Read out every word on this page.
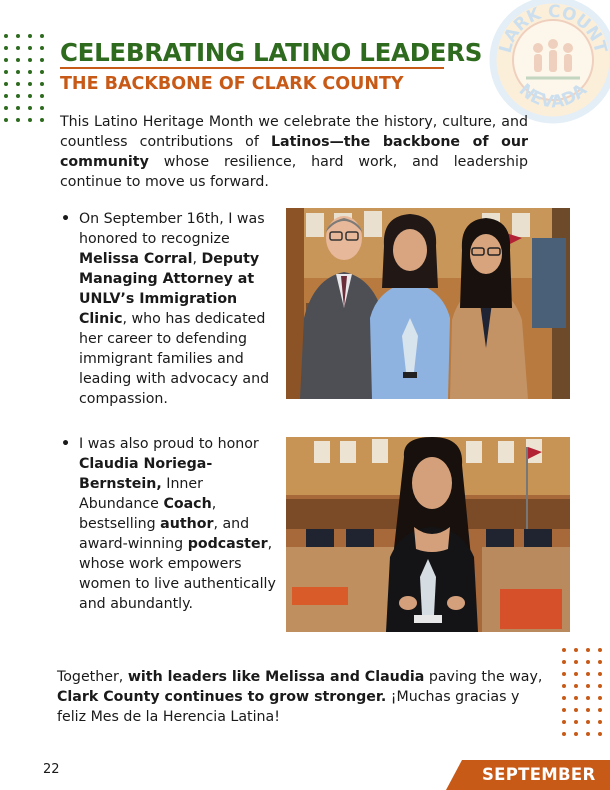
LARK COUNT
NEVADA
CELEBRATING LATINO LEADERS
THE BACKBONE OF CLARK COUNTY

This Latino Heritage Month we celebrate the history, culture, and countless contributions of Latinos—the backbone of our community whose resilience, hard work, and leadership continue to move us forward.

• On September 16th, I was honored to recognize Melissa Corral, Deputy Managing Attorney at UNLV’s Immigration Clinic, who has dedicated her career to defending immigrant families and leading with advocacy and compassion.
• I was also proud to honor Claudia Noriega-Bernstein, Inner Abundance Coach, bestselling author, and award-winning podcaster, whose work empowers women to live authentically and abundantly.

Together, with leaders like Melissa and Claudia paving the way, Clark County continues to grow stronger. ¡Muchas gracias y feliz Mes de la Herencia Latina!

22	SEPTEMBER
